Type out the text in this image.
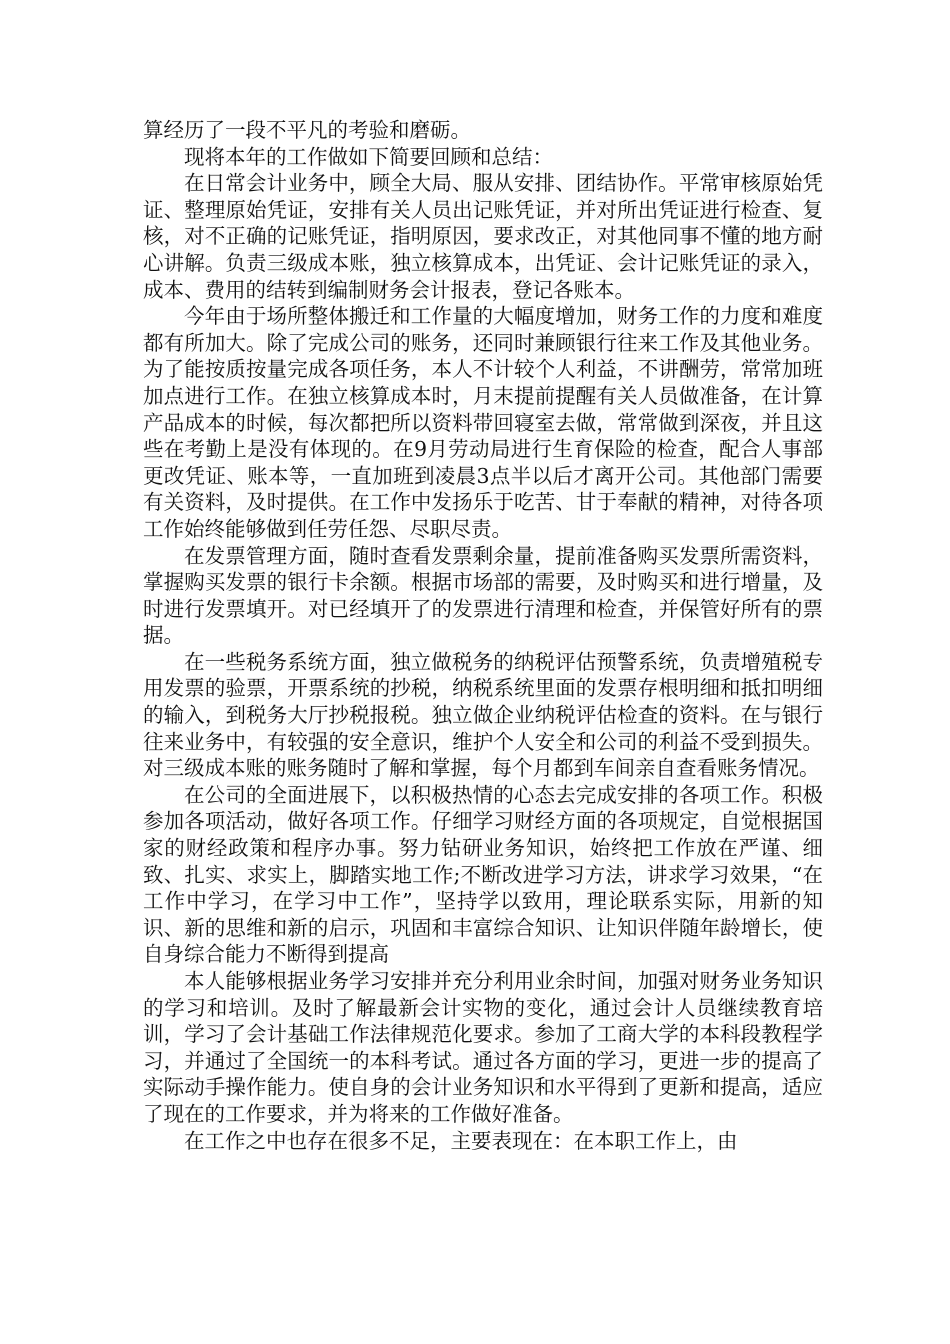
算经历了一段不平凡的考验和磨砺。

现将本年的工作做如下简要回顾和总结：

在日常会计业务中，顾全大局、服从安排、团结协作。平常审核原始凭证、整理原始凭证，安排有关人员出记账凭证，并对所出凭证进行检查、复核，对不正确的记账凭证，指明原因，要求改正，对其他同事不懂的地方耐心讲解。负责三级成本账，独立核算成本，出凭证、会计记账凭证的录入，成本、费用的结转到编制财务会计报表，登记各账本。

今年由于场所整体搬迁和工作量的大幅度增加，财务工作的力度和难度都有所加大。除了完成公司的账务，还同时兼顾银行往来工作及其他业务。为了能按质按量完成各项任务，本人不计较个人利益，不讲酬劳，常常加班加点进行工作。在独立核算成本时，月末提前提醒有关人员做准备，在计算产品成本的时候，每次都把所以资料带回寝室去做，常常做到深夜，并且这些在考勤上是没有体现的。在9月劳动局进行生育保险的检查，配合人事部更改凭证、账本等，一直加班到凌晨3点半以后才离开公司。其他部门需要有关资料，及时提供。在工作中发扬乐于吃苦、甘于奉献的精神，对待各项工作始终能够做到任劳任怨、尽职尽责。

在发票管理方面，随时查看发票剩余量，提前准备购买发票所需资料，掌握购买发票的银行卡余额。根据市场部的需要，及时购买和进行增量，及时进行发票填开。对已经填开了的发票进行清理和检查，并保管好所有的票据。

在一些税务系统方面，独立做税务的纳税评估预警系统，负责增殖税专用发票的验票，开票系统的抄税，纳税系统里面的发票存根明细和抵扣明细的输入，到税务大厅抄税报税。独立做企业纳税评估检查的资料。在与银行往来业务中，有较强的安全意识，维护个人安全和公司的利益不受到损失。对三级成本账的账务随时了解和掌握，每个月都到车间亲自查看账务情况。

在公司的全面进展下，以积极热情的心态去完成安排的各项工作。积极参加各项活动，做好各项工作。仔细学习财经方面的各项规定，自觉根据国家的财经政策和程序办事。努力钻研业务知识，始终把工作放在严谨、细致、扎实、求实上，脚踏实地工作;不断改进学习方法，讲求学习效果，“在工作中学习，在学习中工作”，坚持学以致用，理论联系实际，用新的知识、新的思维和新的启示，巩固和丰富综合知识、让知识伴随年龄增长，使自身综合能力不断得到提高

本人能够根据业务学习安排并充分利用业余时间，加强对财务业务知识的学习和培训。及时了解最新会计实物的变化，通过会计人员继续教育培训，学习了会计基础工作法律规范化要求。参加了工商大学的本科段教程学习，并通过了全国统一的本科考试。通过各方面的学习，更进一步的提高了实际动手操作能力。使自身的会计业务知识和水平得到了更新和提高，适应了现在的工作要求，并为将来的工作做好准备。

在工作之中也存在很多不足，主要表现在：在本职工作上，由
